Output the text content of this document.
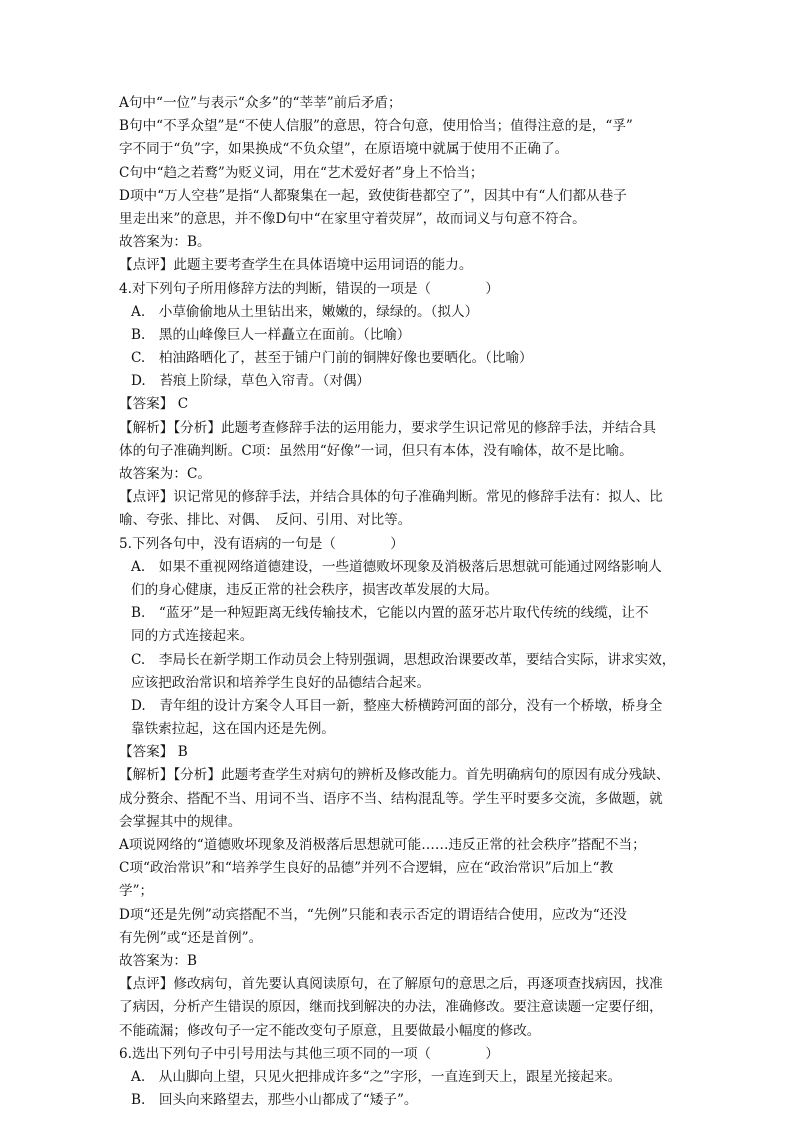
A句中“一位”与表示“众多”的“莘莘”前后矛盾；
B句中“不孚众望”是“不使人信服”的意思，符合句意，使用恰当；值得注意的是，“孚”
字不同于“负”字，如果换成“不负众望”，在原语境中就属于使用不正确了。
C句中“趋之若鹜”为贬义词，用在“艺术爱好者”身上不恰当；
D项中“万人空巷”是指“人都聚集在一起，致使街巷都空了”，因其中有“人们都从巷子
里走出来”的意思，并不像D句中“在家里守着荧屏”，故而词义与句意不符合。
故答案为：B。
【点评】此题主要考查学生在具体语境中运用词语的能力。
4.对下列句子所用修辞方法的判断，错误的一项是（　　　　）
A.　小草偷偷地从土里钻出来，嫩嫩的，绿绿的。（拟人）
B.　黑的山峰像巨人一样矗立在面前。（比喻）
C.　柏油路晒化了，甚至于铺户门前的铜牌好像也要晒化。（比喻）
D.　苔痕上阶绿，草色入帘青。（对偶）
【答案】 C
【解析】【分析】此题考查修辞手法的运用能力，要求学生识记常见的修辞手法，并结合具
体的句子准确判断。C项：虽然用“好像”一词，但只有本体，没有喻体，故不是比喻。
故答案为：C。
【点评】识记常见的修辞手法，并结合具体的句子准确判断。常见的修辞手法有：拟人、比
喻、夸张、排比、对偶、　反问、引用、对比等。
5.下列各句中，没有语病的一句是（　　　　）
A.　如果不重视网络道德建设，一些道德败坏现象及消极落后思想就可能通过网络影响人
们的身心健康，违反正常的社会秩序，损害改革发展的大局。
B.　“蓝牙”是一种短距离无线传输技术，它能以内置的蓝牙芯片取代传统的线缆，让不
同的方式连接起来。
C.　李局长在新学期工作动员会上特别强调，思想政治课要改革，要结合实际，讲求实效，
应该把政治常识和培养学生良好的品德结合起来。
D.　青年组的设计方案令人耳目一新，整座大桥横跨河面的部分，没有一个桥墩，桥身全
靠铁索拉起，这在国内还是先例。
【答案】 B
【解析】【分析】此题考查学生对病句的辨析及修改能力。首先明确病句的原因有成分残缺、
成分赘余、搭配不当、用词不当、语序不当、结构混乱等。学生平时要多交流，多做题，就
会掌握其中的规律。
A项说网络的“道德败坏现象及消极落后思想就可能……违反正常的社会秩序”搭配不当；
C项“政治常识”和“培养学生良好的品德”并列不合逻辑，应在“政治常识”后加上“教
学”；
D项“还是先例”动宾搭配不当，“先例”只能和表示否定的谓语结合使用，应改为“还没
有先例”或“还是首例”。
故答案为：B
【点评】修改病句，首先要认真阅读原句，在了解原句的意思之后，再逐项查找病因，找准
了病因，分析产生错误的原因，继而找到解决的办法，准确修改。要注意读题一定要仔细，
不能疏漏；修改句子一定不能改变句子原意，且要做最小幅度的修改。
6.选出下列句子中引号用法与其他三项不同的一项（　　　　）
A.　从山脚向上望，只见火把排成许多“之”字形，一直连到天上，跟星光接起来。
B.　回头向来路望去，那些小山都成了“矮子”。
